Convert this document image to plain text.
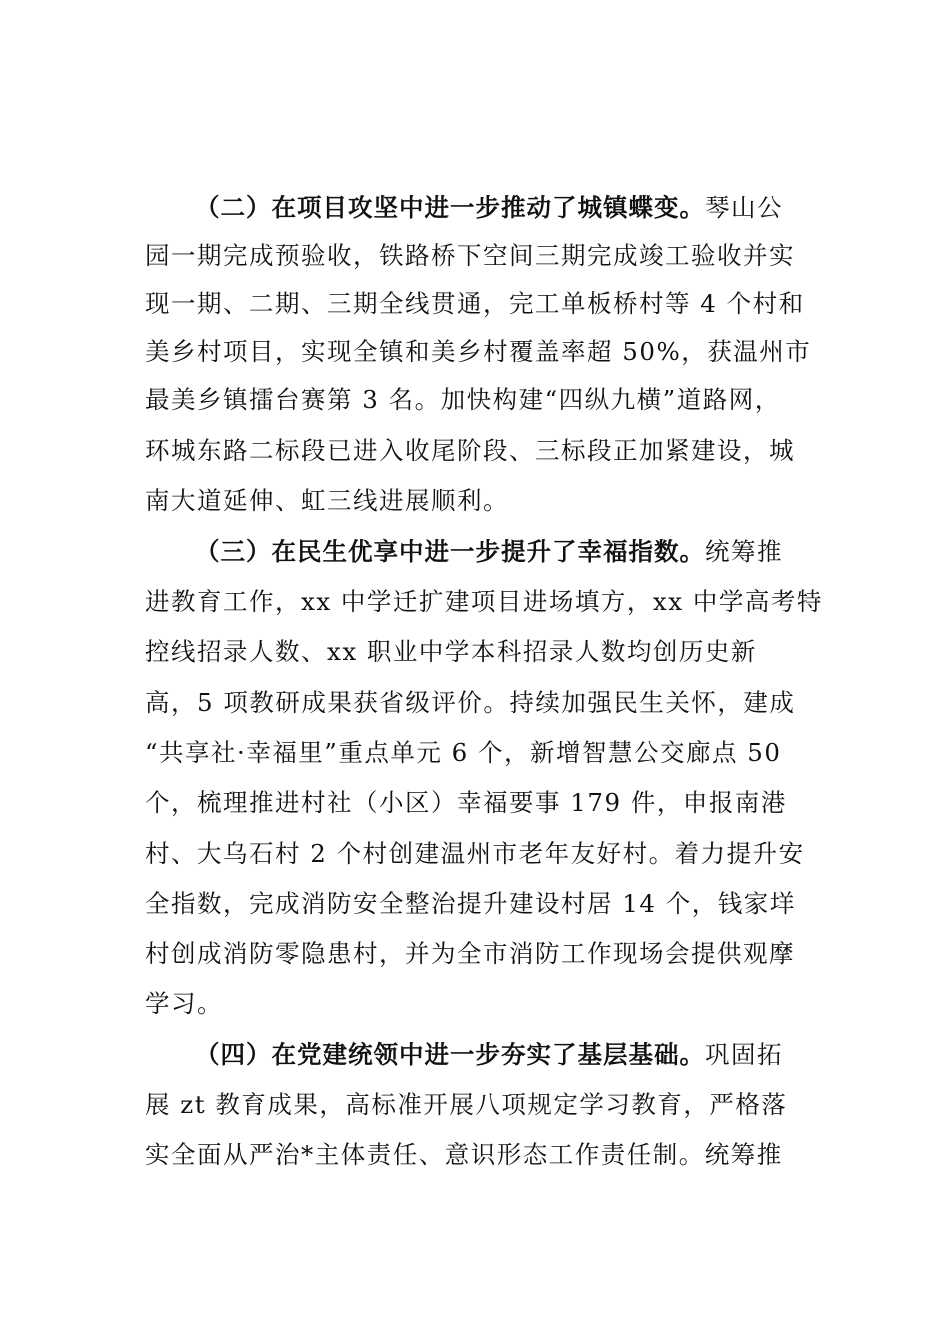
（二）在项目攻坚中进一步推动了城镇蝶变。琴山公
园一期完成预验收，铁路桥下空间三期完成竣工验收并实
现一期、二期、三期全线贯通，完工单板桥村等 4 个村和
美乡村项目，实现全镇和美乡村覆盖率超 50%，获温州市
最美乡镇擂台赛第 3 名。加快构建“四纵九横”道路网，
环城东路二标段已进入收尾阶段、三标段正加紧建设，城
南大道延伸、虹三线进展顺利。
（三）在民生优享中进一步提升了幸福指数。统筹推
进教育工作，xx 中学迁扩建项目进场填方，xx 中学高考特
控线招录人数、xx 职业中学本科招录人数均创历史新
高，5 项教研成果获省级评价。持续加强民生关怀，建成
“共享社·幸福里”重点单元 6 个，新增智慧公交廊点 50
个，梳理推进村社（小区）幸福要事 179 件，申报南港
村、大乌石村 2 个村创建温州市老年友好村。着力提升安
全指数，完成消防安全整治提升建设村居 14 个，钱家垟
村创成消防零隐患村，并为全市消防工作现场会提供观摩
学习。
（四）在党建统领中进一步夯实了基层基础。巩固拓
展 zt 教育成果，高标准开展八项规定学习教育，严格落
实全面从严治*主体责任、意识形态工作责任制。统筹推
